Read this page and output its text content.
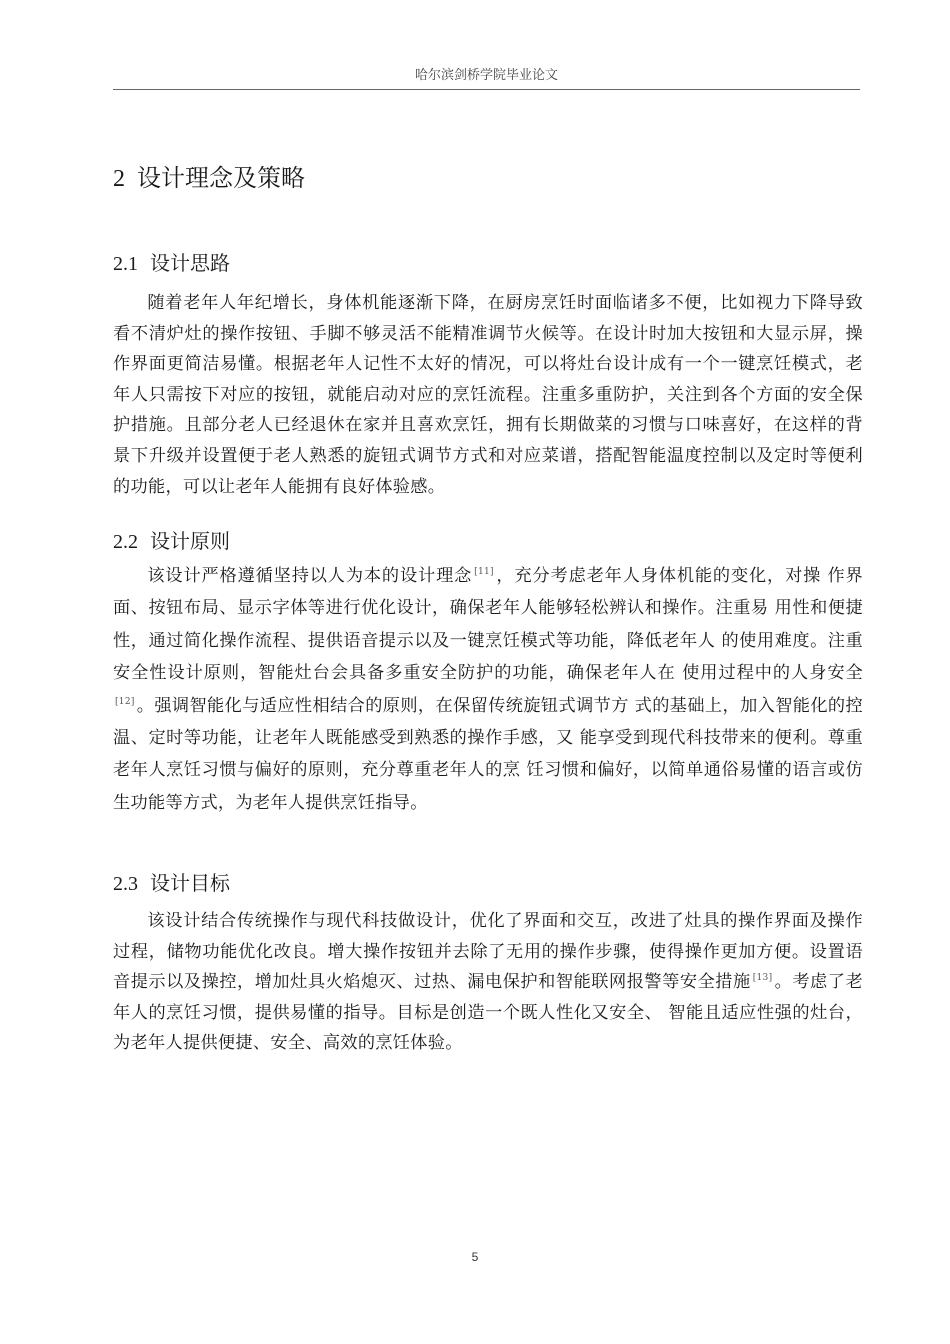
哈尔滨剑桥学院毕业论文
2 设计理念及策略
2.1 设计思路

随着老年人年纪增长，身体机能逐渐下降，在厨房烹饪时面临诸多不便，比如视力下降导致看不清炉灶的操作按钮、手脚不够灵活不能精准调节火候等。在设计时加大按钮和大显示屏，操作界面更简洁易懂。根据老年人记性不太好的情况，可以将灶台设计成有一个一键烹饪模式，老年人只需按下对应的按钮，就能启动对应的烹饪流程。注重多重防护，关注到各个方面的安全保护措施。且部分老人已经退休在家并且喜欢烹饪，拥有长期做菜的习惯与口味喜好，在这样的背景下升级并设置便于老人熟悉的旋钮式调节方式和对应菜谱，搭配智能温度控制以及定时等便利的功能，可以让老年人能拥有良好体验感。

2.2 设计原则

该设计严格遵循坚持以人为本的设计理念 [11] ，充分考虑老年人身体机能的变化，对操 作界面、按钮布局、显示字体等进行优化设计，确保老年人能够轻松辨认和操作。注重易 用性和便捷性，通过简化操作流程、提供语音提示以及一键烹饪模式等功能，降低老年人 的使用难度。注重安全性设计原则，智能灶台会具备多重安全防护的功能，确保老年人在 使用过程中的人身安全[12] 。强调智能化与适应性相结合的原则，在保留传统旋钮式调节方 式的基础上，加入智能化的控温、定时等功能，让老年人既能感受到熟悉的操作手感，又 能享受到现代科技带来的便利。尊重老年人烹饪习惯与偏好的原则，充分尊重老年人的烹 饪习惯和偏好，以简单通俗易懂的语言或仿生功能等方式，为老年人提供烹饪指导。

2.3 设计目标

该设计结合传统操作与现代科技做设计，优化了界面和交互，改进了灶具的操作界面及操作过程，储物功能优化改良。增大操作按钮并去除了无用的操作步骤，使得操作更加方便。设置语音提示以及操控，增加灶具火焰熄灭、过热、漏电保护和智能联网报警等安全措施 [13] 。考虑了老年人的烹饪习惯，提供易懂的指导。目标是创造一个既人性化又安全、 智能且适应性强的灶台，为老年人提供便捷、安全、高效的烹饪体验。

5
